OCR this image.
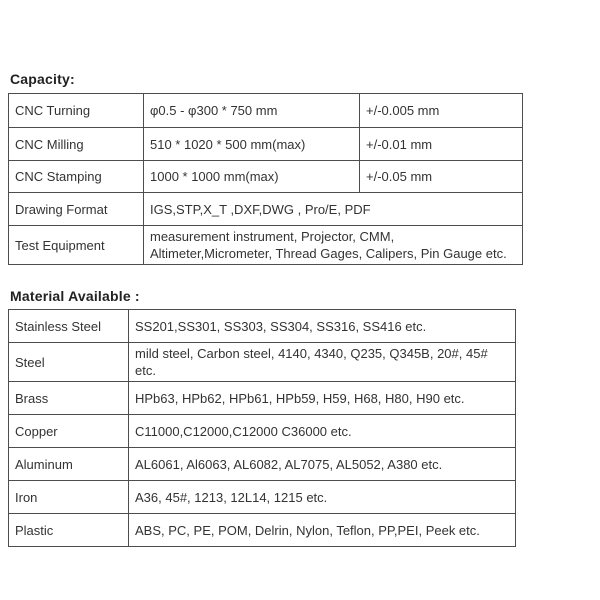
Capacity:
CNC Turning	φ0.5 - φ300 * 750 mm	+/-0.005 mm
CNC Milling	510 * 1020 * 500 mm(max)	+/-0.01 mm
CNC Stamping	1000 * 1000 mm(max)	+/-0.05 mm
Drawing Format	IGS,STP,X_T ,DXF,DWG , Pro/E, PDF	
Test Equipment	measurement instrument, Projector, CMM, Altimeter,Micrometer, Thread Gages, Calipers, Pin Gauge etc.	
Material Available :
Stainless Steel	SS201,SS301, SS303, SS304, SS316, SS416 etc.
Steel	mild steel, Carbon steel, 4140, 4340, Q235, Q345B, 20#, 45# etc.
Brass	HPb63, HPb62, HPb61, HPb59, H59, H68, H80, H90 etc.
Copper	C11000,C12000,C12000 C36000 etc.
Aluminum	AL6061, Al6063, AL6082, AL7075, AL5052, A380 etc.
Iron	A36, 45#, 1213, 12L14, 1215 etc.
Plastic	ABS, PC, PE, POM, Delrin, Nylon, Teflon, PP,PEI, Peek etc.
